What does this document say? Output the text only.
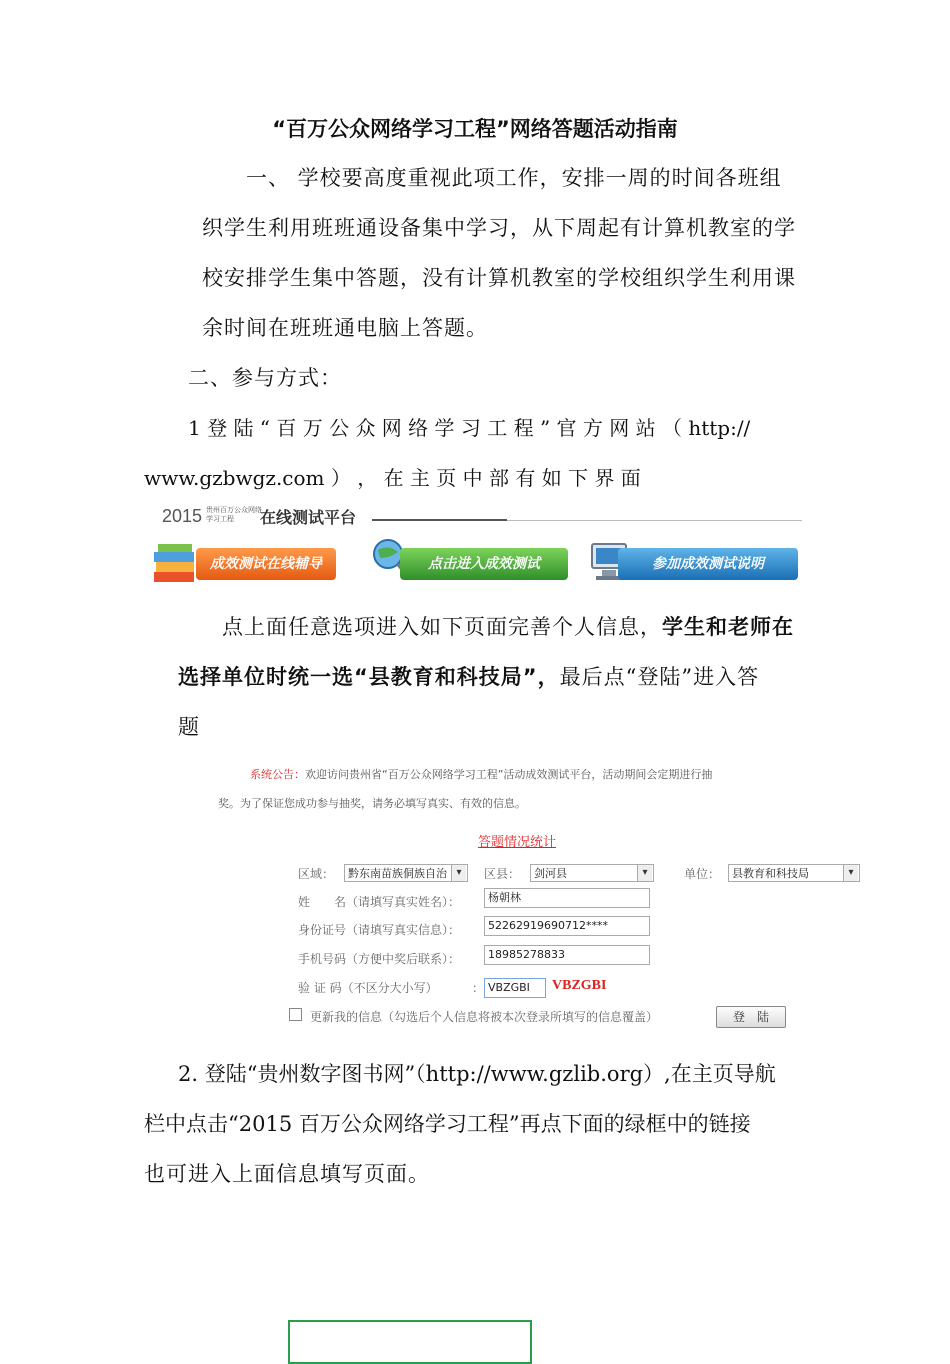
“百万公众网络学习工程”网络答题活动指南
一、 学校要高度重视此项工作，安排一周的时间各班组
织学生利用班班通设备集中学习，从下周起有计算机教室的学
校安排学生集中答题，没有计算机教室的学校组织学生利用课
余时间在班班通电脑上答题。
二、参与方式：
1 登 陆 “ 百 万 公 众 网 络 学 习 工 程 ” 官 方 网 站 （ http://
www.gzbwgz.com ） ， 在 主 页 中 部 有 如 下 界 面
2015 贵州百万公众网络学习工程	在线测试平台
成效测试在线辅导	点击进入成效测试	参加成效测试说明
点上面任意选项进入如下页面完善个人信息，学生和老师在
选择单位时统一选“县教育和科技局”，最后点“登陆”进入答
题
系统公告：欢迎访问贵州省“百万公众网络学习工程”活动成效测试平台，活动期间会定期进行抽
奖。为了保证您成功参与抽奖，请务必填写真实、有效的信息。
答题情况统计
区域：	黔东南苗族侗族自治 ▾	区县：	剑河县 ▾	单位：	县教育和科技局 ▾
姓　　名（请填写真实姓名）：	杨朝林
身份证号（请填写真实信息）：	52262919690712****
手机号码（方便中奖后联系）：	18985278833
验 证 码（不区分大小写）	： VBZGBI	VBZGBI
更新我的信息（勾选后个人信息将被本次登录所填写的信息覆盖）	登　陆
2. 登陆“贵州数字图书网”（http://www.gzlib.org）,在主页导航
栏中点击“2015 百万公众网络学习工程”再点下面的绿框中的链接
也可进入上面信息填写页面。
